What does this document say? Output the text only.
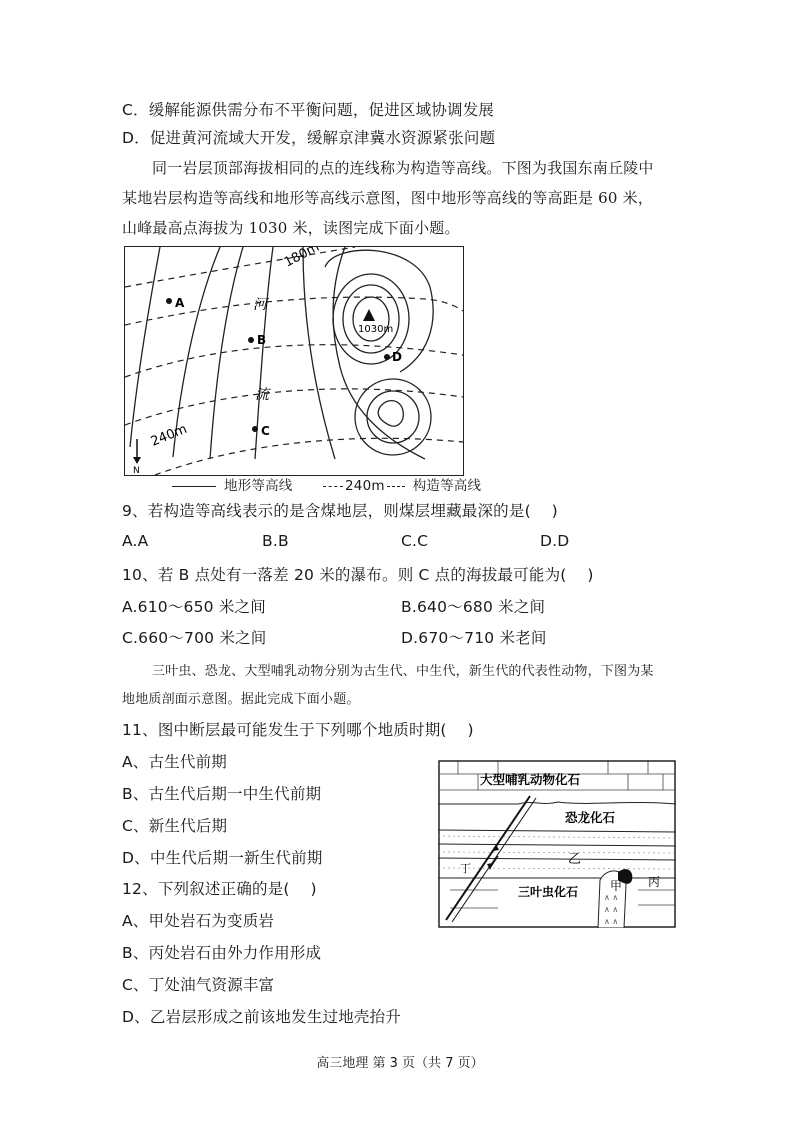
C．缓解能源供需分布不平衡问题，促进区域协调发展
D．促进黄河流域大开发，缓解京津冀水资源紧张问题
同一岩层顶部海拔相同的点的连线称为构造等高线。下图为我国东南丘陵中
某地岩层构造等高线和地形等高线示意图，图中地形等高线的等高距是 60 米，
山峰最高点海拔为 1030 米，读图完成下面小题。
180m
240m
1030m
河
流
A
B
C
D
N
地形等高线	240m 构造等高线
9、若构造等高线表示的是含煤地层，则煤层埋藏最深的是(　 )
A.A	B.B	C.C	D.D
10、若 B 点处有一落差 20 米的瀑布。则 C 点的海拔最可能为(　 )
A.610～650 米之间	B.640～680 米之间
C.660～700 米之间	D.670～710 米老间
三叶虫、恐龙、大型哺乳动物分别为古生代、中生代，新生代的代表性动物，下图为某
地地质剖面示意图。据此完成下面小题。
11、图中断层最可能发生于下列哪个地质时期(　 )
A、古生代前期
B、古生代后期一中生代前期
C、新生代后期
D、中生代后期一新生代前期
12、下列叙述正确的是(　 )
A、甲处岩石为变质岩
B、丙处岩石由外力作用形成
C、丁处油气资源丰富
D、乙岩层形成之前该地发生过地壳抬升
∧ ∧
∧ ∧
∧ ∧
大型哺乳动物化石
恐龙化石
乙
丁
三叶虫化石	甲 丙
高三地理 第 3 页（共 7 页）
